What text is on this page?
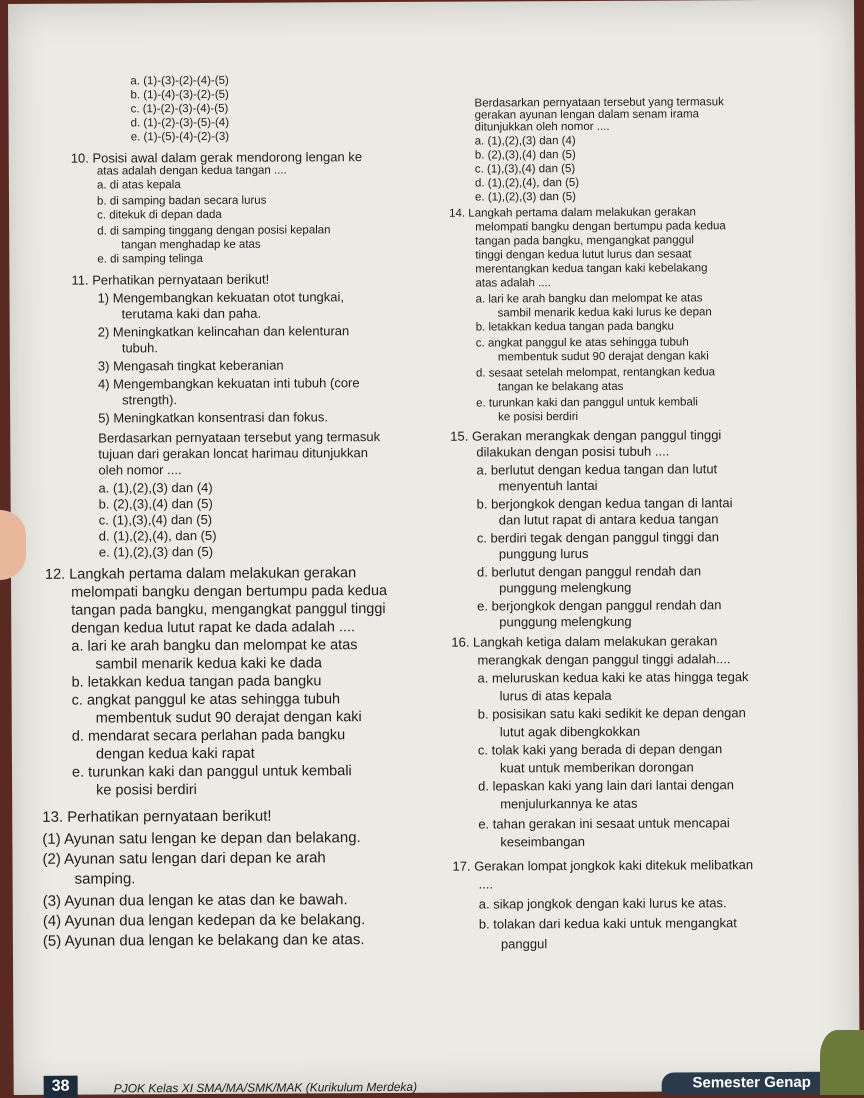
a. (1)-(3)-(2)-(4)-(5)
b. (1)-(4)-(3)-(2)-(5)
c. (1)-(2)-(3)-(4)-(5)
d. (1)-(2)-(3)-(5)-(4)
e. (1)-(5)-(4)-(2)-(3)
10. Posisi awal dalam gerak mendorong lengan ke
atas adalah dengan kedua tangan ....
a. di atas kepala
b. di samping badan secara lurus
c. ditekuk di depan dada
d. di samping tinggang dengan posisi kepalan
tangan menghadap ke atas
e. di samping telinga
11. Perhatikan pernyataan berikut!
1) Mengembangkan kekuatan otot tungkai,
terutama kaki dan paha.
2) Meningkatkan kelincahan dan kelenturan
tubuh.
3) Mengasah tingkat keberanian
4) Mengembangkan kekuatan inti tubuh (core
strength).
5) Meningkatkan konsentrasi dan fokus.
Berdasarkan pernyataan tersebut yang termasuk
tujuan dari gerakan loncat harimau ditunjukkan
oleh nomor ....
a. (1),(2),(3) dan (4)
b. (2),(3),(4) dan (5)
c. (1),(3),(4) dan (5)
d. (1),(2),(4), dan (5)
e. (1),(2),(3) dan (5)
12. Langkah pertama dalam melakukan gerakan
melompati bangku dengan bertumpu pada kedua
tangan pada bangku, mengangkat panggul tinggi
dengan kedua lutut rapat ke dada adalah ....
a. lari ke arah bangku dan melompat ke atas
sambil menarik kedua kaki ke dada
b. letakkan kedua tangan pada bangku
c. angkat panggul ke atas sehingga tubuh
membentuk sudut 90 derajat dengan kaki
d. mendarat secara perlahan pada bangku
dengan kedua kaki rapat
e. turunkan kaki dan panggul untuk kembali
ke posisi berdiri
13. Perhatikan pernyataan berikut!
(1) Ayunan satu lengan ke depan dan belakang.
(2) Ayunan satu lengan dari depan ke arah
samping.
(3) Ayunan dua lengan ke atas dan ke bawah.
(4) Ayunan dua lengan kedepan da ke belakang.
(5) Ayunan dua lengan ke belakang dan ke atas.
Berdasarkan pernyataan tersebut yang termasuk
gerakan ayunan lengan dalam senam irama
ditunjukkan oleh nomor ....
a. (1),(2),(3) dan (4)
b. (2),(3),(4) dan (5)
c. (1),(3),(4) dan (5)
d. (1),(2),(4), dan (5)
e. (1),(2),(3) dan (5)
14. Langkah pertama dalam melakukan gerakan
melompati bangku dengan bertumpu pada kedua
tangan pada bangku, mengangkat panggul
tinggi dengan kedua lutut lurus dan sesaat
merentangkan kedua tangan kaki kebelakang
atas adalah ....
a. lari ke arah bangku dan melompat ke atas
sambil menarik kedua kaki lurus ke depan
b. letakkan kedua tangan pada bangku
c. angkat panggul ke atas sehingga tubuh
membentuk sudut 90 derajat dengan kaki
d. sesaat setelah melompat, rentangkan kedua
tangan ke belakang atas
e. turunkan kaki dan panggul untuk kembali
ke posisi berdiri
15. Gerakan merangkak dengan panggul tinggi
dilakukan dengan posisi tubuh ....
a. berlutut dengan kedua tangan dan lutut
menyentuh lantai
b. berjongkok dengan kedua tangan di lantai
dan lutut rapat di antara kedua tangan
c. berdiri tegak dengan panggul tinggi dan
punggung lurus
d. berlutut dengan panggul rendah dan
punggung melengkung
e. berjongkok dengan panggul rendah dan
punggung melengkung
16. Langkah ketiga dalam melakukan gerakan
merangkak dengan panggul tinggi adalah....
a. meluruskan kedua kaki ke atas hingga tegak
lurus di atas kepala
b. posisikan satu kaki sedikit ke depan dengan
lutut agak dibengkokkan
c. tolak kaki yang berada di depan dengan
kuat untuk memberikan dorongan
d. lepaskan kaki yang lain dari lantai dengan
menjulurkannya ke atas
e. tahan gerakan ini sesaat untuk mencapai
keseimbangan
17. Gerakan lompat jongkok kaki ditekuk melibatkan
....
a. sikap jongkok dengan kaki lurus ke atas.
b. tolakan dari kedua kaki untuk mengangkat
panggul
38	PJOK Kelas XI SMA/MA/SMK/MAK (Kurikulum Merdeka)	Semester Genap
